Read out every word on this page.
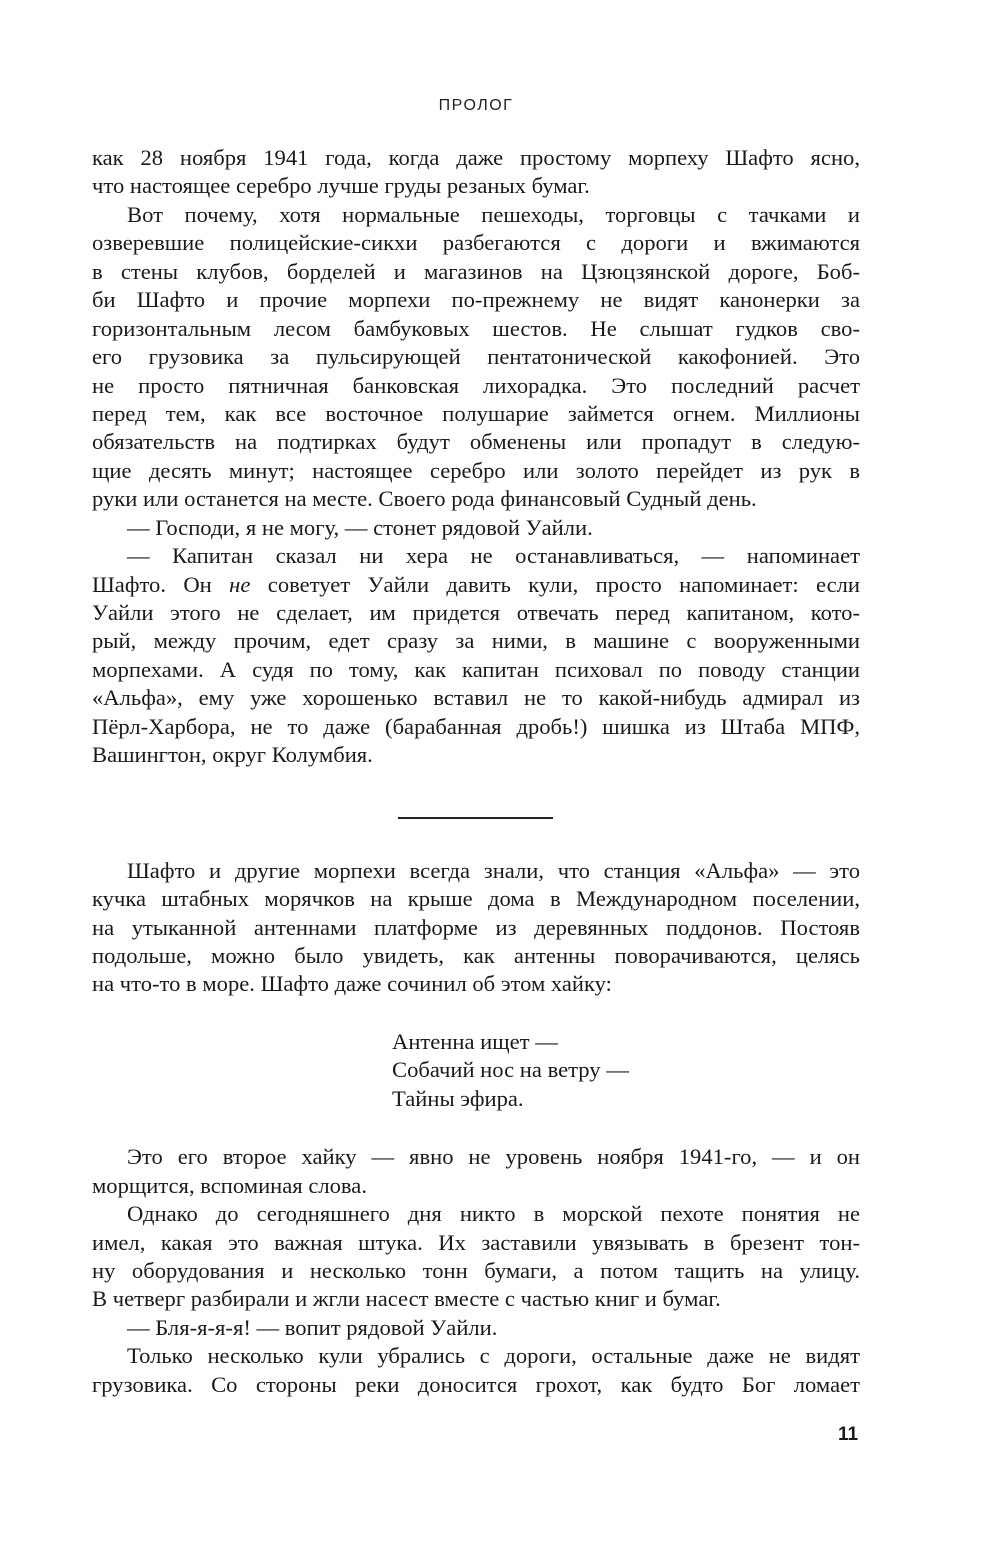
ПРОЛОГ
как 28 ноября 1941 года, когда даже простому морпеху Шафто ясно,
что настоящее серебро лучше груды резаных бумаг.
Вот почему, хотя нормальные пешеходы, торговцы с тачками и
озверевшие полицейские-сикхи разбегаются с дороги и вжимаются
в стены клубов, борделей и магазинов на Цзюцзянской дороге, Боб-
би Шафто и прочие морпехи по-прежнему не видят канонерки за
горизонтальным лесом бамбуковых шестов. Не слышат гудков сво-
его грузовика за пульсирующей пентатонической какофонией. Это
не просто пятничная банковская лихорадка. Это последний расчет
перед тем, как все восточное полушарие займется огнем. Миллионы
обязательств на подтирках будут обменены или пропадут в следую-
щие десять минут; настоящее серебро или золото перейдет из рук в
руки или останется на месте. Своего рода финансовый Судный день.
— Господи, я не могу, — стонет рядовой Уайли.
— Капитан сказал ни хера не останавливаться, — напоминает
Шафто. Он не советует Уайли давить кули, просто напоминает: если
Уайли этого не сделает, им придется отвечать перед капитаном, кото-
рый, между прочим, едет сразу за ними, в машине с вооруженными
морпехами. А судя по тому, как капитан психовал по поводу станции
«Альфа», ему уже хорошенько вставил не то какой-нибудь адмирал из
Пёрл-Харбора, не то даже (барабанная дробь!) шишка из Штаба МПФ,
Вашингтон, округ Колумбия.
Шафто и другие морпехи всегда знали, что станция «Альфа» — это
кучка штабных морячков на крыше дома в Международном поселении,
на утыканной антеннами платформе из деревянных поддонов. Постояв
подольше, можно было увидеть, как антенны поворачиваются, целясь
на что-то в море. Шафто даже сочинил об этом хайку:
Антенна ищет —
Собачий нос на ветру —
Тайны эфира.
Это его второе хайку — явно не уровень ноября 1941-го, — и он
морщится, вспоминая слова.
Однако до сегодняшнего дня никто в морской пехоте понятия не
имел, какая это важная штука. Их заставили увязывать в брезент тон-
ну оборудования и несколько тонн бумаги, а потом тащить на улицу.
В четверг разбирали и жгли насест вместе с частью книг и бумаг.
— Бля-я-я-я! — вопит рядовой Уайли.
Только несколько кули убрались с дороги, остальные даже не видят
грузовика. Со стороны реки доносится грохот, как будто Бог ломает
11
